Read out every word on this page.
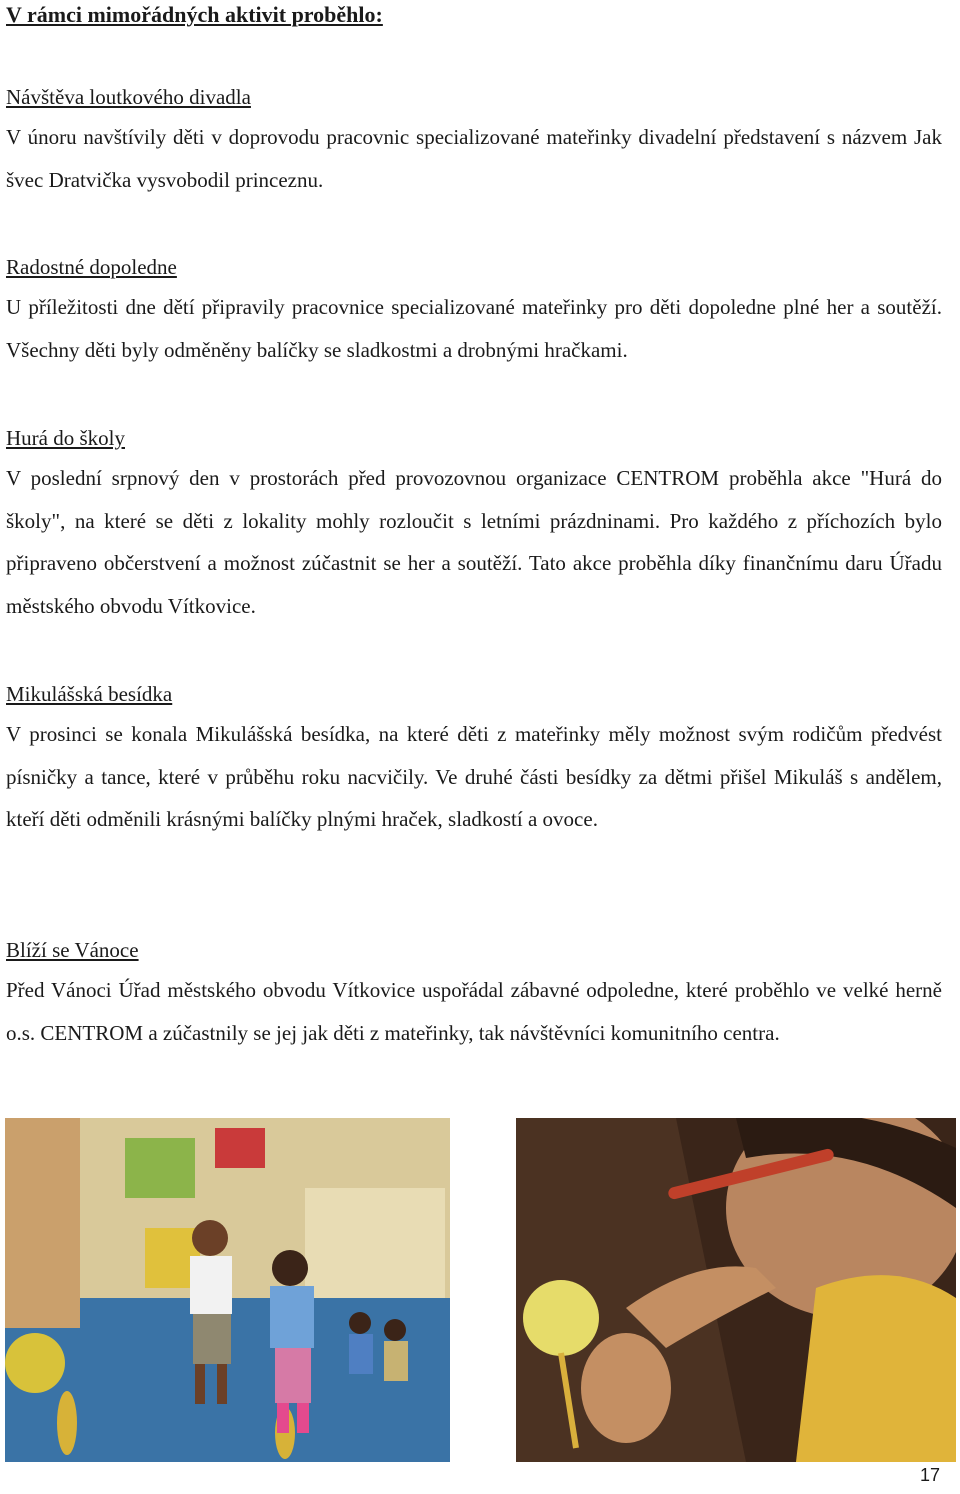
V rámci mimořádných aktivit proběhlo:
Návštěva loutkového divadla

V únoru navštívily děti v doprovodu pracovnic specializované mateřinky divadelní představení s názvem Jak švec Dratvička vysvobodil princeznu.

Radostné dopoledne

U příležitosti dne dětí připravily pracovnice specializované mateřinky pro děti dopoledne plné her a soutěží. Všechny děti byly odměněny balíčky se sladkostmi a drobnými hračkami.

Hurá do školy

V poslední srpnový den v prostorách před provozovnou organizace CENTROM proběhla akce "Hurá do školy", na které se děti z lokality mohly rozloučit s letními prázdninami. Pro každého z příchozích bylo připraveno občerstvení a možnost zúčastnit se her a soutěží. Tato akce proběhla díky finančnímu daru Úřadu městského obvodu Vítkovice.

Mikulášská besídka

V prosinci se konala Mikulášská besídka, na které děti z mateřinky měly možnost svým rodičům předvést písničky a tance, které v průběhu roku nacvičily. Ve druhé části besídky za dětmi přišel Mikuláš s andělem, kteří děti odměnili krásnými balíčky plnými hraček, sladkostí a ovoce.

Blíží se Vánoce

Před Vánoci Úřad městského obvodu Vítkovice uspořádal zábavné odpoledne, které proběhlo ve velké herně o.s. CENTROM a zúčastnily se jej jak děti z mateřinky, tak návštěvníci komunitního centra.

17
